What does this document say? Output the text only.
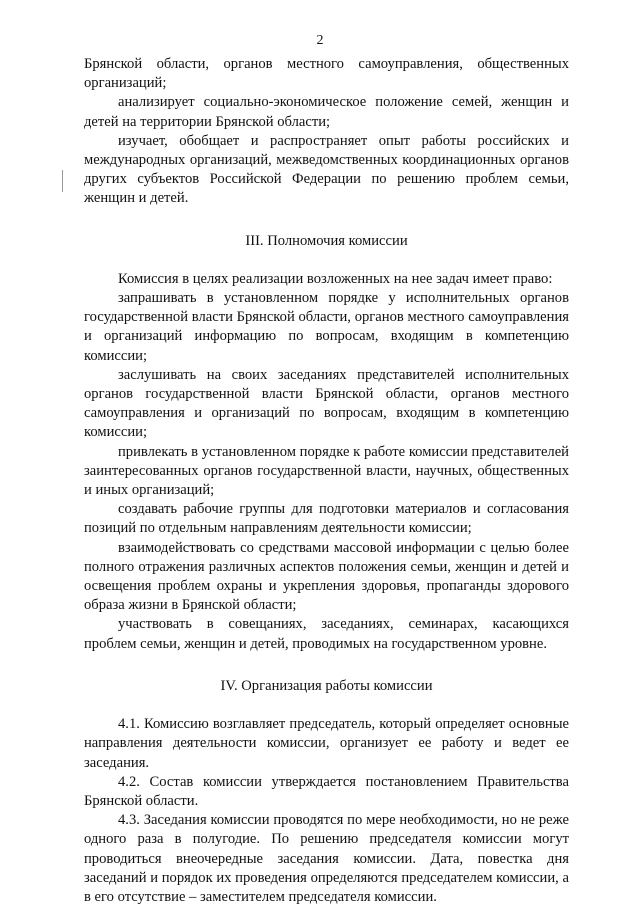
2

Брянской области, органов местного самоуправления, общественных организаций;

анализирует социально-экономическое положение семей, женщин и детей на территории Брянской области;

изучает, обобщает и распространяет опыт работы российских и международных организаций, межведомственных координационных органов других субъектов Российской Федерации по решению проблем семьи, женщин и детей.

III. Полномочия комиссии

Комиссия в целях реализации возложенных на нее задач имеет право:

запрашивать в установленном порядке у исполнительных органов государственной власти Брянской области, органов местного самоуправления и организаций информацию по вопросам, входящим в компетенцию комиссии;

заслушивать на своих заседаниях представителей исполнительных органов государственной власти Брянской области, органов местного самоуправления и организаций по вопросам, входящим в компетенцию комиссии;

привлекать в установленном порядке к работе комиссии представителей заинтересованных органов государственной власти, научных, общественных и иных организаций;

создавать рабочие группы для подготовки материалов и согласования позиций по отдельным направлениям деятельности комиссии;

взаимодействовать со средствами массовой информации с целью более полного отражения различных аспектов положения семьи, женщин и детей и освещения проблем охраны и укрепления здоровья, пропаганды здорового образа жизни в Брянской области;

участвовать в совещаниях, заседаниях, семинарах, касающихся проблем семьи, женщин и детей, проводимых на государственном уровне.

IV. Организация работы комиссии

4.1. Комиссию возглавляет председатель, который определяет основные направления деятельности комиссии, организует ее работу и ведет ее заседания.

4.2. Состав комиссии утверждается постановлением Правительства Брянской области.

4.3. Заседания комиссии проводятся по мере необходимости, но не реже одного раза в полугодие. По решению председателя комиссии могут проводиться внеочередные заседания комиссии. Дата, повестка дня заседаний и порядок их проведения определяются председателем комиссии, а в его отсутствие – заместителем председателя комиссии.
